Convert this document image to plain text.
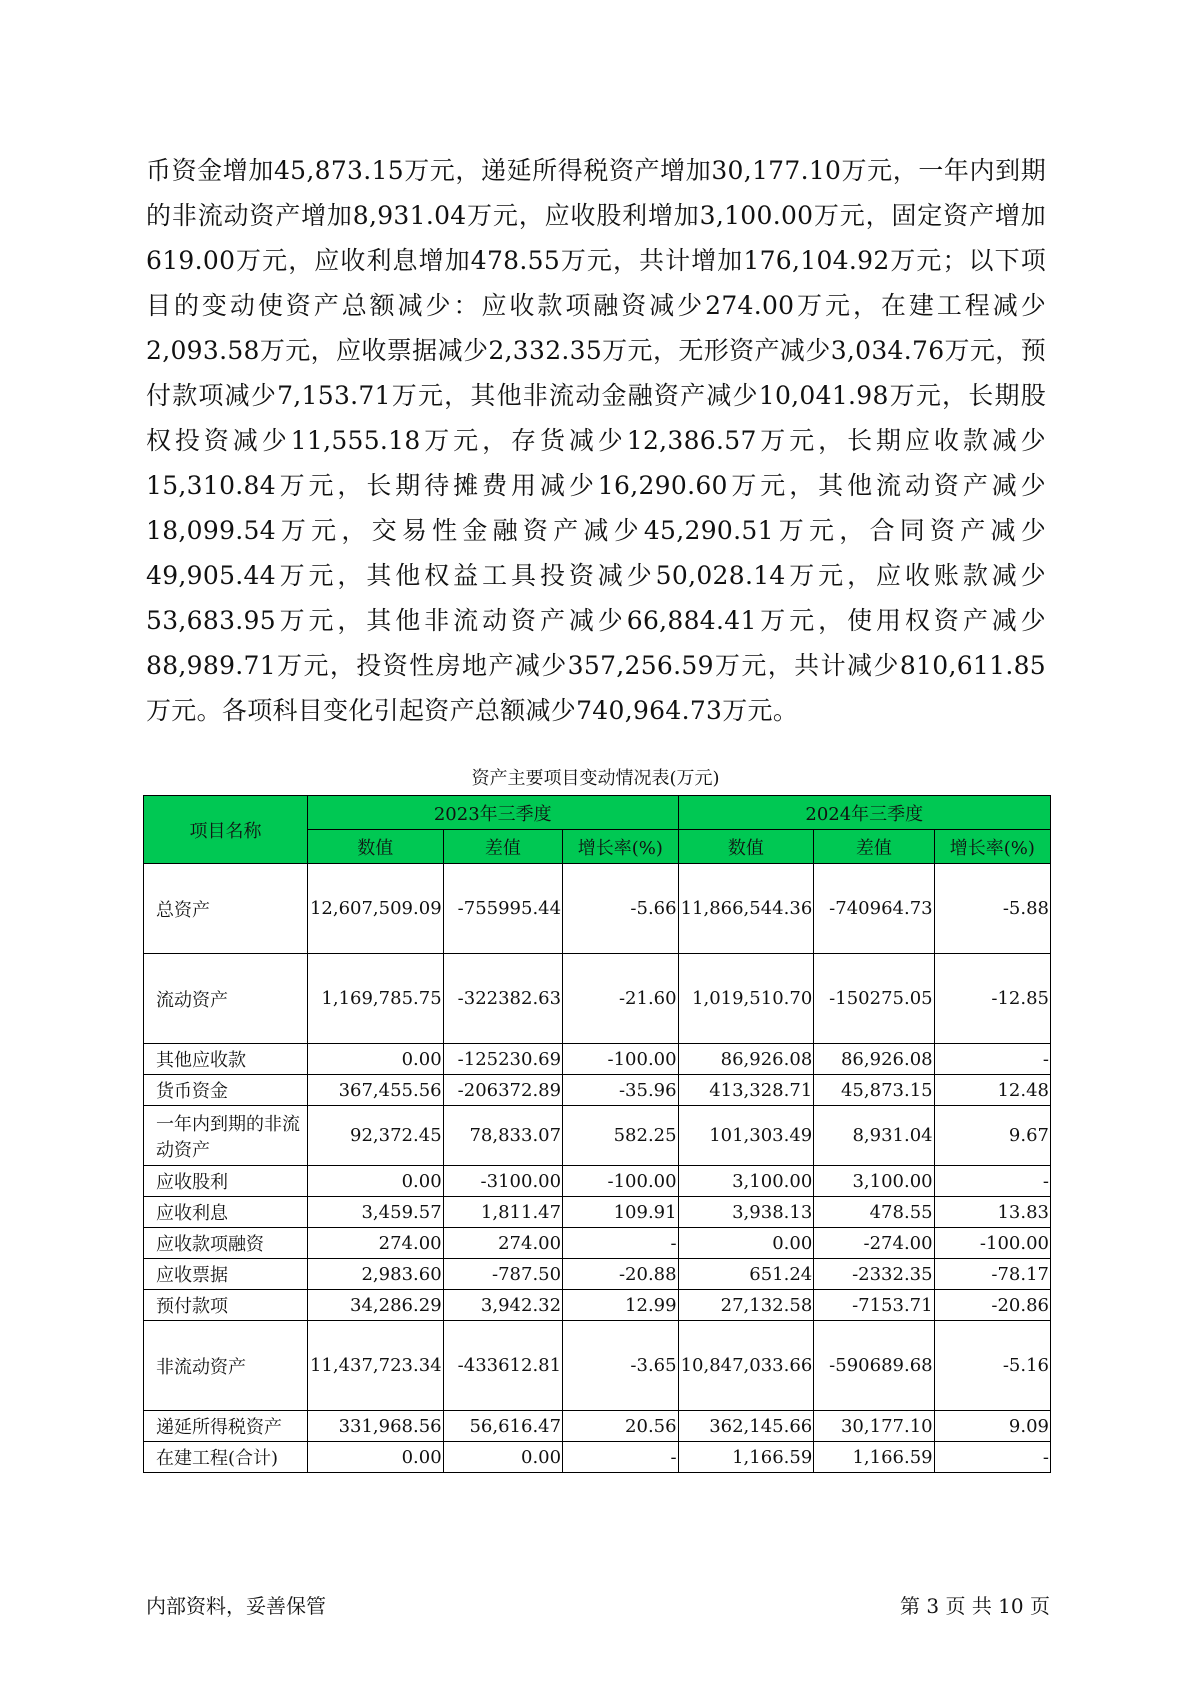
币资金增加45,873.15万元，递延所得税资产增加30,177.10万元，一年内到期的非流动资产增加8,931.04万元，应收股利增加3,100.00万元，固定资产增加619.00万元，应收利息增加478.55万元，共计增加176,104.92万元；以下项目的变动使资产总额减少：应收款项融资减少274.00万元，在建工程减少2,093.58万元，应收票据减少2,332.35万元，无形资产减少3,034.76万元，预付款项减少7,153.71万元，其他非流动金融资产减少10,041.98万元，长期股权投资减少11,555.18万元，存货减少12,386.57万元，长期应收款减少15,310.84万元，长期待摊费用减少16,290.60万元，其他流动资产减少18,099.54万元，交易性金融资产减少45,290.51万元，合同资产减少49,905.44万元，其他权益工具投资减少50,028.14万元，应收账款减少53,683.95万元，其他非流动资产减少66,884.41万元，使用权资产减少88,989.71万元，投资性房地产减少357,256.59万元，共计减少810,611.85万元。各项科目变化引起资产总额减少740,964.73万元。
资产主要项目变动情况表(万元)
项目名称	2023年三季度			2024年三季度		
	数值	差值	增长率(%)	数值	差值	增长率(%)
总资产	12,607,509.09	-755995.44	-5.66	11,866,544.36	-740964.73	-5.88
流动资产	1,169,785.75	-322382.63	-21.60	1,019,510.70	-150275.05	-12.85
其他应收款	0.00	-125230.69	-100.00	86,926.08	86,926.08	-
货币资金	367,455.56	-206372.89	-35.96	413,328.71	45,873.15	12.48
一年内到期的非流动资产	92,372.45	78,833.07	582.25	101,303.49	8,931.04	9.67
应收股利	0.00	-3100.00	-100.00	3,100.00	3,100.00	-
应收利息	3,459.57	1,811.47	109.91	3,938.13	478.55	13.83
应收款项融资	274.00	274.00	-	0.00	-274.00	-100.00
应收票据	2,983.60	-787.50	-20.88	651.24	-2332.35	-78.17
预付款项	34,286.29	3,942.32	12.99	27,132.58	-7153.71	-20.86
非流动资产	11,437,723.34	-433612.81	-3.65	10,847,033.66	-590689.68	-5.16
递延所得税资产	331,968.56	56,616.47	20.56	362,145.66	30,177.10	9.09
在建工程(合计)	0.00	0.00	-	1,166.59	1,166.59	-
内部资料，妥善保管	第 3 页 共 10 页
